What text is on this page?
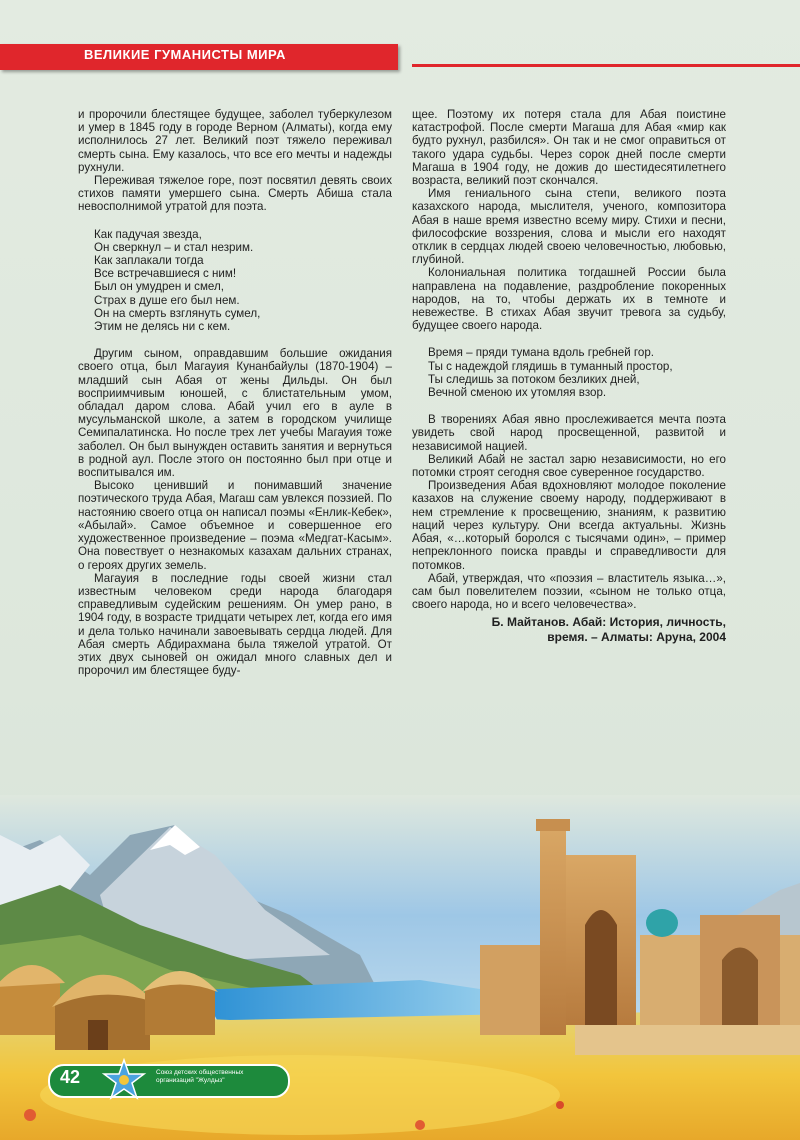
ВЕЛИКИЕ ГУМАНИСТЫ МИРА

и пророчили блестящее будущее, заболел туберкулезом и умер в 1845 году в городе Верном (Алматы), когда ему исполнилось 27 лет. Великий поэт тяжело переживал смерть сына. Ему казалось, что все его мечты и надежды рухнули.

Переживая тяжелое горе, поэт посвятил девять своих стихов памяти умершего сына. Смерть Абиша стала невосполнимой утратой для поэта.

Как падучая звезда,
Он сверкнул – и стал незрим.
Как заплакали тогда
Все встречавшиеся с ним!
Был он умудрен и смел,
Страх в душе его был нем.
Он на смерть взглянуть сумел,
Этим не делясь ни с кем.

Другим сыном, оправдавшим большие ожидания своего отца, был Магауия Кунанбайулы (1870-1904) – младший сын Абая от жены Дильды. Он был восприимчивым юношей, с блистательным умом, обладал даром слова. Абай учил его в ауле в мусульманской школе, а затем в городском училище Семипалатинска. Но после трех лет учебы Магауия тоже заболел. Он был вынужден оставить занятия и вернуться в родной аул. После этого он постоянно был при отце и воспитывался им.

Высоко ценивший и понимавший значение поэтического труда Абая, Магаш сам увлекся поэзией. По настоянию своего отца он написал поэмы «Енлик-Кебек», «Абылай». Самое объемное и совершенное его художественное произведение – поэма «Медгат-Касым». Она повествует о незнакомых казахам дальних странах, о героях других земель.

Магауия в последние годы своей жизни стал известным человеком среди народа благодаря справедливым судейским решениям. Он умер рано, в 1904 году, в возрасте тридцати четырех лет, когда его имя и дела только начинали завоевывать сердца людей. Для Абая смерть Абдирахмана была тяжелой утратой. От этих двух сыновей он ожидал много славных дел и пророчил им блестящее буду-

щее. Поэтому их потеря стала для Абая поистине катастрофой. После смерти Магаша для Абая «мир как будто рухнул, разбился». Он так и не смог оправиться от такого удара судьбы. Через сорок дней после смерти Магаша в 1904 году, не дожив до шестидесятилетнего возраста, великий поэт скончался.

Имя гениального сына степи, великого поэта казахского народа, мыслителя, ученого, композитора Абая в наше время известно всему миру. Стихи и песни, философские воззрения, слова и мысли его находят отклик в сердцах людей своею человечностью, любовью, глубиной.

Колониальная политика тогдашней России была направлена на подавление, раздробление покоренных народов, на то, чтобы держать их в темноте и невежестве. В стихах Абая звучит тревога за судьбу, будущее своего народа.

Время – пряди тумана вдоль гребней гор.
Ты с надеждой глядишь в туманный простор,
Ты следишь за потоком безликих дней,
Вечной сменою их утомляя взор.

В творениях Абая явно прослеживается мечта поэта увидеть свой народ просвещенной, развитой и независимой нацией.

Великий Абай не застал зарю независимости, но его потомки строят сегодня свое суверенное государство.

Произведения Абая вдохновляют молодое поколение казахов на служение своему народу, поддерживают в нем стремление к просвещению, знаниям, к развитию наций через культуру. Они всегда актуальны. Жизнь Абая, «…который боролся с тысячами один», – пример непреклонного поиска правды и справедливости для потомков.

Абай, утверждая, что «поэзия – властитель языка…», сам был повелителем поэзии, «сыном не только отца, своего народа, но и всего человечества».

Б. Майтанов. Абай: История, личность,
время. – Алматы: Аруна, 2004
42	Союз детских общественных
организаций "Жулдыз"
